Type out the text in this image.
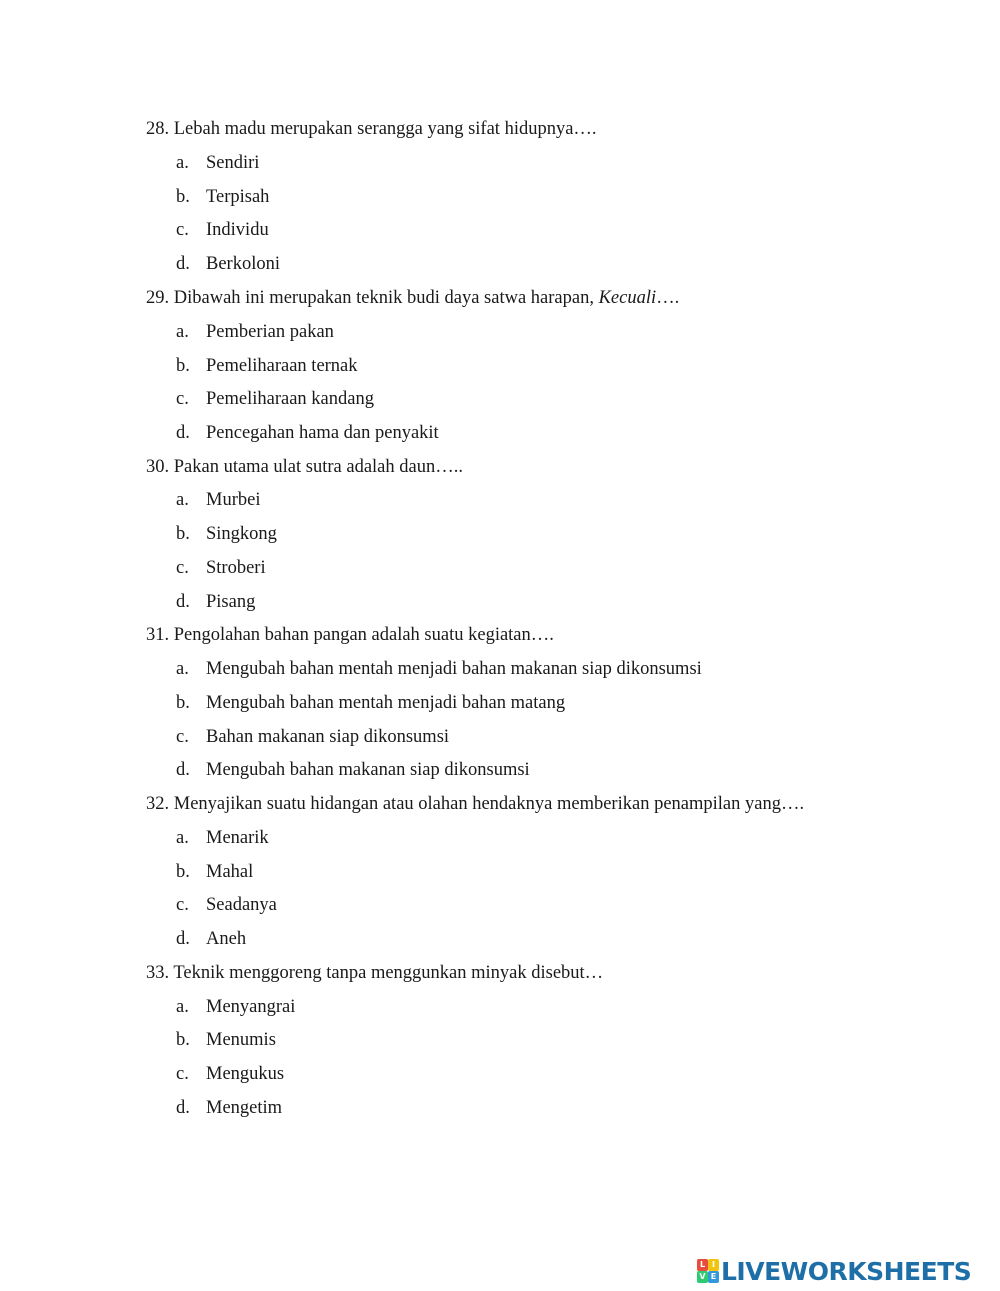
28. Lebah madu merupakan serangga yang sifat hidupnya….
a. Sendiri
b. Terpisah
c. Individu
d. Berkoloni
29. Dibawah ini merupakan teknik budi daya satwa harapan, Kecuali….
a. Pemberian pakan
b. Pemeliharaan ternak
c. Pemeliharaan kandang
d. Pencegahan hama dan penyakit
30. Pakan utama ulat sutra adalah daun…..
a. Murbei
b. Singkong
c. Stroberi
d. Pisang
31. Pengolahan bahan pangan adalah suatu kegiatan….
a. Mengubah bahan mentah menjadi bahan makanan siap dikonsumsi
b. Mengubah bahan mentah menjadi bahan matang
c. Bahan makanan siap dikonsumsi
d. Mengubah bahan makanan siap dikonsumsi
32. Menyajikan suatu hidangan atau olahan hendaknya memberikan penampilan yang….
a. Menarik
b. Mahal
c. Seadanya
d. Aneh
33. Teknik menggoreng tanpa menggunkan minyak disebut…
a. Menyangrai
b. Menumis
c. Mengukus
d. Mengetim
L I
V E LIVEWORKSHEETS
